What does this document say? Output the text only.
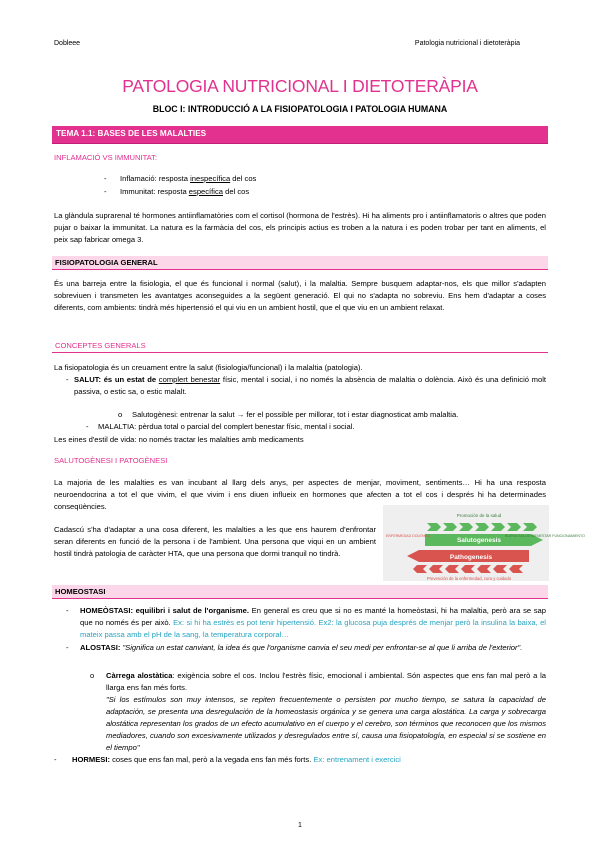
Dobleee	Patologia nutricional i dietoteràpia
PATOLOGIA NUTRICIONAL I DIETOTERÀPIA
BLOC I: INTRODUCCIÓ A LA FISIOPATOLOGIA I PATOLOGIA HUMANA
TEMA 1.1: BASES DE LES MALALTIES
INFLAMACIÓ VS IMMUNITAT:
- Inflamació: resposta inespecífica del cos
- Immunitat: resposta específica del cos
La glàndula suprarenal té hormones antiinflamatòries com el cortisol (hormona de l'estrès). Hi ha aliments pro i antiinflamatoris o altres que poden pujar o baixar la immunitat. La natura es la farmàcia del cos, els principis actius es troben a la natura i es poden trobar per tant en aliments, el peix sap fabricar omega 3.
FISIOPATOLOGIA GENERAL
És una barreja entre la fisiologia, el que és funcional i normal (salut), i la malaltia. Sempre busquem adaptar-nos, els que millor s'adapten sobreviuen i transmeten les avantatges aconseguides a la següent generació. El qui no s'adapta no sobreviu. Ens hem d'adaptar a coses diferents, com ambients: tindrà més hipertensió el qui viu en un ambient hostil, que el que viu en un ambient relaxat.
CONCEPTES GENERALS
La fisiopatologia és un creuament entre la salut (fisiologia/funcional) i la malaltia (patologia).
- SALUT: és un estat de complert benestar físic, mental i social, i no només la absència de malaltia o dolència. Això és una definició molt passiva, o estic sa, o estic malalt.
o Salutogènesi: entrenar la salut → fer el possible per millorar, tot i estar diagnosticat amb malaltia.
- MALALTIA: pèrdua total o parcial del complert benestar físic, mental i social.
Les eines d'estil de vida: no només tractar les malalties amb medicaments
SALUTOGÈNESI I PATOGÈNESI
La majoria de les malalties es van incubant al llarg dels anys, per aspectes de menjar, moviment, sentiments… Hi ha una resposta neuroendocrina a tot el que vivim, el que vivim i ens diuen influeix en hormones que afecten a tot el cos i després hi ha determinades conseqüències.
Cadascú s'ha d'adaptar a una cosa diferent, les malalties a les que ens haurem d'enfrontar seran diferents en funció de la persona i de l'ambient. Una persona que viqui en un ambient hostil tindrà patologia de caràcter HTA, que una persona que dormi tranquil no tindrà.
Promoción de la salud
Salutogenesis
Pathogenesis
ENFERMEDAD DOLENCIA	BUENA SALUD BIENESTAR FUNCIONAMIENTO
Prevención de la enfermedad, cura y cuidado
HOMEOSTASI
- HOMEÒSTASI: equilibri i salut de l'organisme. En general es creu que si no es manté la homeòstasi, hi ha malaltia, però ara se sap que no només és per això. Ex: si hi ha estrès es pot tenir hipertensió. Ex2: la glucosa puja després de menjar però la insulina la baixa, el mateix passa amb el pH de la sang, la temperatura corporal…
- ALOSTASI: "Significa un estat canviant, la idea és que l'organisme canvia el seu medi per enfrontar-se al que li arriba de l'exterior".
o Càrrega alostàtica: exigència sobre el cos. Inclou l'estrès físic, emocional i ambiental. Són aspectes que ens fan mal però a la llarga ens fan més forts.
"Si los estímulos son muy intensos, se repiten frecuentemente o persisten por mucho tiempo, se satura la capacidad de adaptación, se presenta una desregulación de la homeostasis orgánica y se genera una carga alostática. La carga y sobrecarga alostática representan los grados de un efecto acumulativo en el cuerpo y el cerebro, son términos que reconocen que los mismos mediadores, cuando son excesivamente utilizados y desregulados entre sí, causa una fisiopatología, en especial si se sostiene en el tiempo"
- HORMESI: coses que ens fan mal, però a la vegada ens fan més forts. Ex: entrenament i exercici
1
